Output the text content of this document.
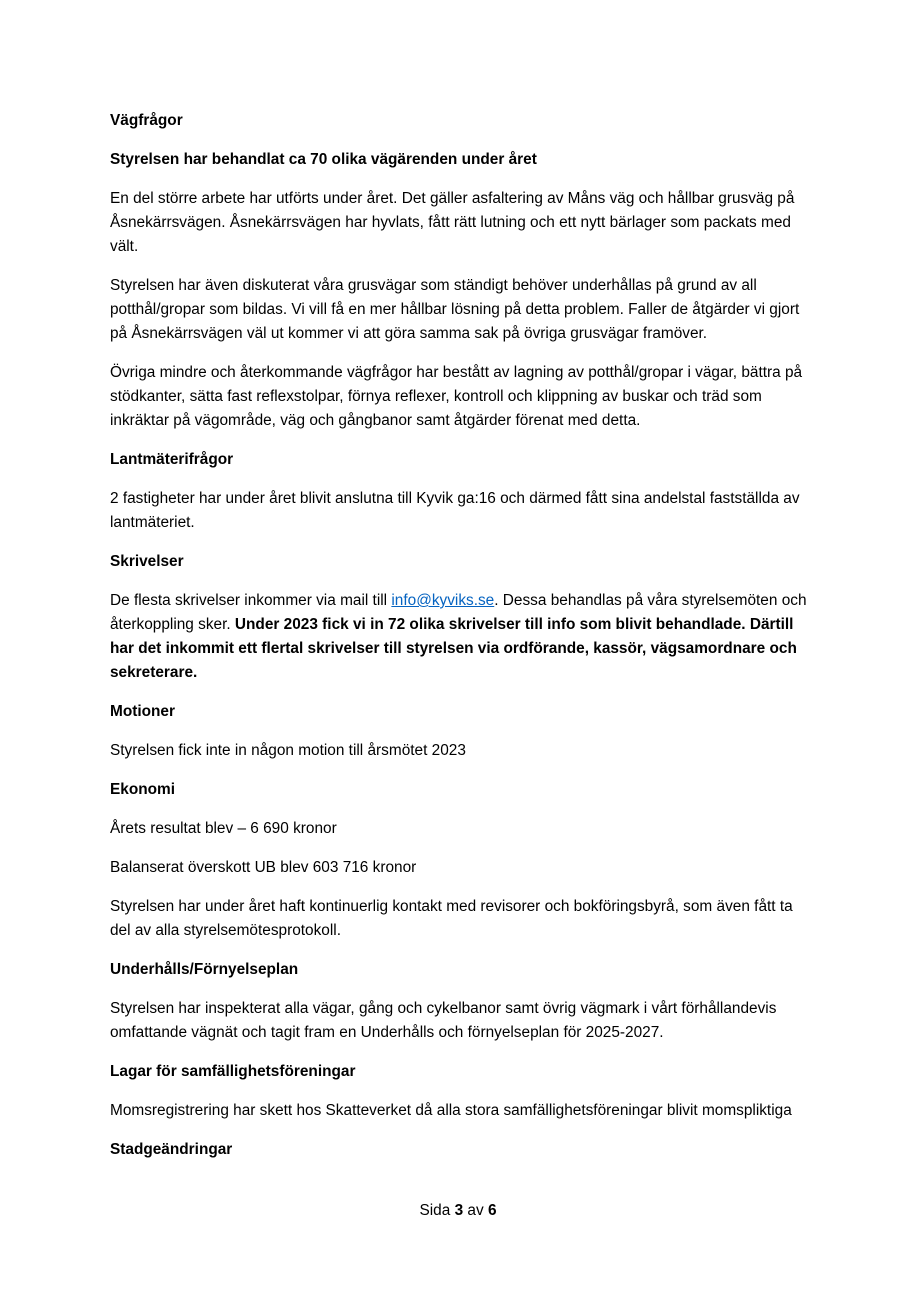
Vägfrågor
Styrelsen har behandlat ca 70 olika vägärenden under året
En del större arbete har utförts under året. Det gäller asfaltering av Måns väg och hållbar grusväg på Åsnekärrsvägen. Åsnekärrsvägen har hyvlats, fått rätt lutning och ett nytt bärlager som packats med vält.
Styrelsen har även diskuterat våra grusvägar som ständigt behöver underhållas på grund av all potthål/gropar som bildas. Vi vill få en mer hållbar lösning på detta problem. Faller de åtgärder vi gjort på Åsnekärrsvägen väl ut kommer vi att göra samma sak på övriga grusvägar framöver.
Övriga mindre och återkommande vägfrågor har bestått av lagning av potthål/gropar i vägar, bättra på stödkanter, sätta fast reflexstolpar, förnya reflexer, kontroll och klippning av buskar och träd som inkräktar på vägområde, väg och gångbanor samt åtgärder förenat med detta.
Lantmäterifrågor
2 fastigheter har under året blivit anslutna till Kyvik ga:16 och därmed fått sina andelstal fastställda av lantmäteriet.
Skrivelser
De flesta skrivelser inkommer via mail till info@kyviks.se. Dessa behandlas på våra styrelsemöten och återkoppling sker. Under 2023 fick vi in 72 olika skrivelser till info som blivit behandlade. Därtill har det inkommit ett flertal skrivelser till styrelsen via ordförande, kassör, vägsamordnare och sekreterare.
Motioner
Styrelsen fick inte in någon motion till årsmötet 2023
Ekonomi
Årets resultat blev – 6 690 kronor
Balanserat överskott UB blev 603 716 kronor
Styrelsen har under året haft kontinuerlig kontakt med revisorer och bokföringsbyrå, som även fått ta del av alla styrelsemötesprotokoll.
Underhålls/Förnyelseplan
Styrelsen har inspekterat alla vägar, gång och cykelbanor samt övrig vägmark i vårt förhållandevis omfattande vägnät och tagit fram en Underhålls och förnyelseplan för 2025-2027.
Lagar för samfällighetsföreningar
Momsregistrering har skett hos Skatteverket då alla stora samfällighetsföreningar blivit momspliktiga
Stadgeändringar
Sida 3 av 6
